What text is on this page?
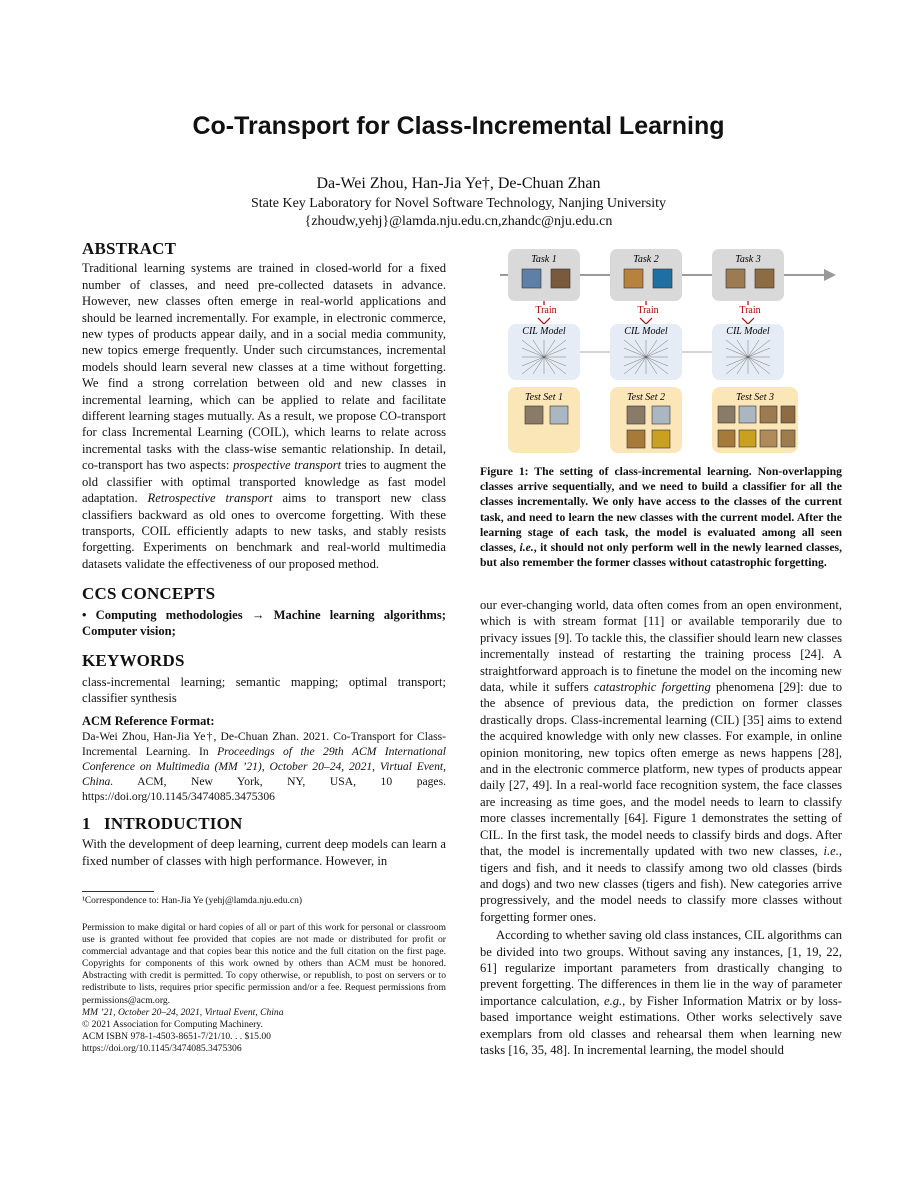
Co-Transport for Class-Incremental Learning
Da-Wei Zhou, Han-Jia Ye†, De-Chuan Zhan
State Key Laboratory for Novel Software Technology, Nanjing University
{zhoudw,yehj}@lamda.nju.edu.cn,zhandc@nju.edu.cn
ABSTRACT

Traditional learning systems are trained in closed-world for a fixed number of classes, and need pre-collected datasets in advance. However, new classes often emerge in real-world applications and should be learned incrementally. For example, in electronic commerce, new types of products appear daily, and in a social media community, new topics emerge frequently. Under such circumstances, incremental models should learn several new classes at a time without forgetting. We find a strong correlation between old and new classes in incremental learning, which can be applied to relate and facilitate different learning stages mutually. As a result, we propose CO-transport for class Incremental Learning (COIL), which learns to relate across incremental tasks with the class-wise semantic relationship. In detail, co-transport has two aspects: prospective transport tries to augment the old classifier with optimal transported knowledge as fast model adaptation. Retrospective transport aims to transport new class classifiers backward as old ones to overcome forgetting. With these transports, COIL efficiently adapts to new tasks, and stably resists forgetting. Experiments on benchmark and real-world multimedia datasets validate the effectiveness of our proposed method.

CCS CONCEPTS

• Computing methodologies → Machine learning algorithms; Computer vision;

KEYWORDS

class-incremental learning; semantic mapping; optimal transport; classifier synthesis

ACM Reference Format:

Da-Wei Zhou, Han-Jia Ye†, De-Chuan Zhan. 2021. Co-Transport for Class-Incremental Learning. In Proceedings of the 29th ACM International Conference on Multimedia (MM ’21), October 20–24, 2021, Virtual Event, China. ACM, New York, NY, USA, 10 pages. https://doi.org/10.1145/3474085.3475306

1   INTRODUCTION

With the development of deep learning, current deep models can learn a fixed number of classes with high performance. However, in

¹Correspondence to: Han-Jia Ye (yehj@lamda.nju.edu.cn)

Permission to make digital or hard copies of all or part of this work for personal or classroom use is granted without fee provided that copies are not made or distributed for profit or commercial advantage and that copies bear this notice and the full citation on the first page. Copyrights for components of this work owned by others than ACM must be honored. Abstracting with credit is permitted. To copy otherwise, or republish, to post on servers or to redistribute to lists, requires prior specific permission and/or a fee. Request permissions from permissions@acm.org.

MM ’21, October 20–24, 2021, Virtual Event, China
© 2021 Association for Computing Machinery.
ACM ISBN 978-1-4503-8651-7/21/10. . . $15.00
https://doi.org/10.1145/3474085.3475306
Task 1	Task 2	Task 3
Train	Train	Train
CIL Model	CIL Model	CIL Model
Test Set 1	Test Set 2	Test Set 3
Figure 1: The setting of class-incremental learning. Non-overlapping classes arrive sequentially, and we need to build a classifier for all the classes incrementally. We only have access to the classes of the current task, and need to learn the new classes with the current model. After the learning stage of each task, the model is evaluated among all seen classes, i.e., it should not only perform well in the newly learned classes, but also remember the former classes without catastrophic forgetting.

our ever-changing world, data often comes from an open environment, which is with stream format [11] or available temporarily due to privacy issues [9]. To tackle this, the classifier should learn new classes incrementally instead of restarting the training process [24]. A straightforward approach is to finetune the model on the incoming new data, while it suffers catastrophic forgetting phenomena [29]: due to the absence of previous data, the prediction on former classes drastically drops. Class-incremental learning (CIL) [35] aims to extend the acquired knowledge with only new classes. For example, in online opinion monitoring, new topics often emerge as news happens [28], and in the electronic commerce platform, new types of products appear daily [27, 49]. In a real-world face recognition system, the face classes are increasing as time goes, and the model needs to learn to classify more classes incrementally [64]. Figure 1 demonstrates the setting of CIL. In the first task, the model needs to classify birds and dogs. After that, the model is incrementally updated with two new classes, i.e., tigers and fish, and it needs to classify among two old classes (birds and dogs) and two new classes (tigers and fish). New categories arrive progressively, and the model needs to classify more classes without forgetting former ones.

According to whether saving old class instances, CIL algorithms can be divided into two groups. Without saving any instances, [1, 19, 22, 61] regularize important parameters from drastically changing to prevent forgetting. The differences in them lie in the way of parameter importance calculation, e.g., by Fisher Information Matrix or by loss-based importance weight estimations. Other works selectively save exemplars from old classes and rehearsal them when learning new tasks [16, 35, 48]. In incremental learning, the model should
